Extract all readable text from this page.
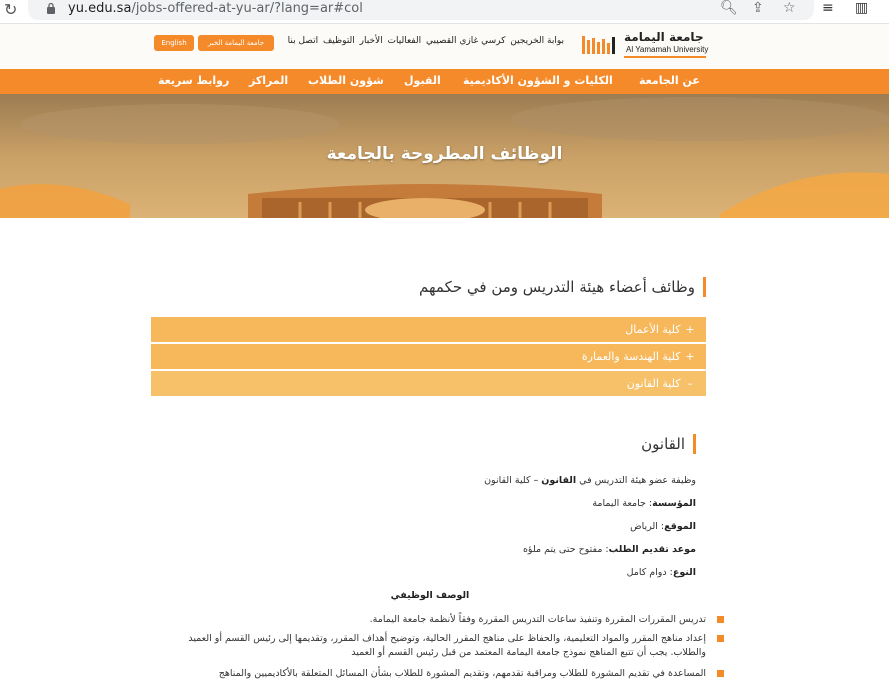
↻	yu.edu.sa/jobs-offered-at-yu-ar/?lang=ar#col	🔍︎ ⇪ ☆ ≡ ▥
English	جامعة اليمامة الخبر	بوابة الخريجين كرسي غازي القصيبي الفعاليات الأخبار التوظيف اتصل بنا	جامعة اليمامة
Al Yamamah University
عن الجامعة
الكليات و الشؤون الأكاديمية
القبول
شؤون الطلاب
المراكز
روابط سريعة
الوظائف المطروحة بالجامعة
وظائف أعضاء هيئة التدريس ومن في حكمهم
+ كلية الأعمال
+ كلية الهندسة والعمارة
– كلية القانون
القانون
وظيفة عضو هيئة التدريس في القانون – كلية القانون
المؤسسة: جامعة اليمامة
الموقع: الرياض
موعد تقديم الطلب: مفتوح حتى يتم ملؤه
النوع: دوام كامل
الوصف الوظيفي
تدريس المقررات المقررة وتنفيذ ساعات التدريس المقررة وفقاً لأنظمة جامعة اليمامة.
إعداد مناهج المقرر والمواد التعليمية، والحفاظ على مناهج المقرر الحالية، وتوضيح أهداف المقرر، وتقديمها إلى رئيس القسم أو العميد والطلاب. يجب أن تتبع المناهج نموذج جامعة اليمامة المعتمد من قبل رئيس القسم أو العميد
المساعدة في تقديم المشورة للطلاب ومراقبة تقدمهم، وتقديم المشورة للطلاب بشأن المسائل المتعلقة بالأكاديميين والمناهج
